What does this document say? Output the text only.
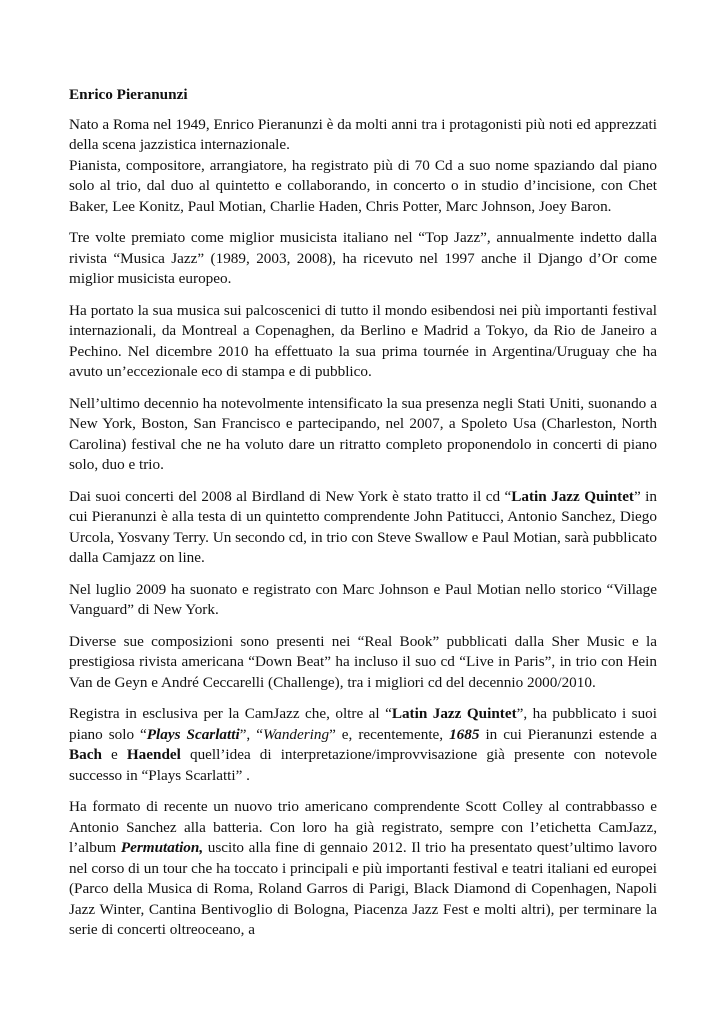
Enrico Pieranunzi

Nato a Roma nel 1949, Enrico Pieranunzi è da molti anni tra i protagonisti più noti ed apprezzati della scena jazzistica internazionale.
Pianista, compositore, arrangiatore, ha registrato più di 70 Cd a suo nome spaziando dal piano solo al trio, dal duo al quintetto e collaborando, in concerto o in studio d’incisione, con Chet Baker, Lee Konitz, Paul Motian, Charlie Haden, Chris Potter, Marc Johnson, Joey Baron.

Tre volte premiato come miglior musicista italiano nel “Top Jazz”, annualmente indetto dalla rivista “Musica Jazz” (1989, 2003, 2008), ha ricevuto nel 1997 anche il Django d’Or come miglior musicista europeo.

Ha portato la sua musica sui palcoscenici di tutto il mondo esibendosi nei più importanti festival internazionali, da Montreal a Copenaghen, da Berlino e Madrid a Tokyo, da Rio de Janeiro a Pechino. Nel dicembre 2010 ha effettuato la sua prima tournée in Argentina/Uruguay che ha avuto un’eccezionale eco di stampa e di pubblico.

Nell’ultimo decennio ha notevolmente intensificato la sua presenza negli Stati Uniti, suonando a New York, Boston, San Francisco e partecipando, nel 2007, a Spoleto Usa (Charleston, North Carolina) festival che ne ha voluto dare un ritratto completo proponendolo in concerti di piano solo, duo e trio.

Dai suoi concerti del 2008 al Birdland di New York è stato tratto il cd “Latin Jazz Quintet” in cui Pieranunzi è alla testa di un quintetto comprendente John Patitucci, Antonio Sanchez, Diego Urcola, Yosvany Terry. Un secondo cd, in trio con Steve Swallow e Paul Motian, sarà pubblicato dalla Camjazz on line.

Nel luglio 2009 ha suonato e registrato con Marc Johnson e Paul Motian nello storico “Village Vanguard” di New York.

Diverse sue composizioni sono presenti nei “Real Book” pubblicati dalla Sher Music e la prestigiosa rivista americana “Down Beat” ha incluso il suo cd “Live in Paris”, in trio con Hein Van de Geyn e André Ceccarelli (Challenge), tra i migliori cd del decennio 2000/2010.

Registra in esclusiva per la CamJazz che, oltre al “Latin Jazz Quintet”, ha pubblicato i suoi piano solo “Plays Scarlatti”, “Wandering” e, recentemente, 1685 in cui Pieranunzi estende a Bach e Haendel quell’idea di interpretazione/improvvisazione già presente con notevole successo in “Plays Scarlatti” .

Ha formato di recente un nuovo trio americano comprendente Scott Colley al contrabbasso e Antonio Sanchez alla batteria. Con loro ha già registrato, sempre con l’etichetta CamJazz, l’album Permutation, uscito alla fine di gennaio 2012. Il trio ha presentato quest’ultimo lavoro nel corso di un tour che ha toccato i principali e più importanti festival e teatri italiani ed europei (Parco della Musica di Roma, Roland Garros di Parigi, Black Diamond di Copenhagen, Napoli Jazz Winter, Cantina Bentivoglio di Bologna, Piacenza Jazz Fest e molti altri), per terminare la serie di concerti oltreoceano, a
